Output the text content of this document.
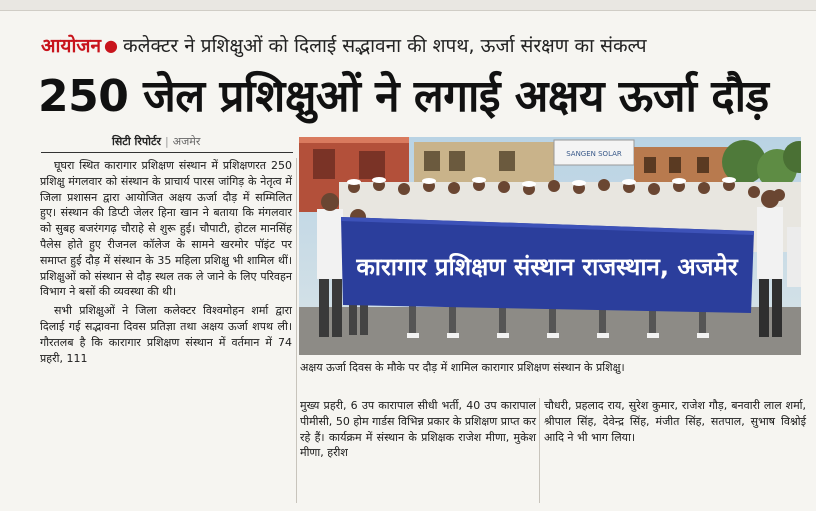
आयोजन ● कलेक्टर ने प्रशिक्षुओं को दिलाई सद्भावना की शपथ, ऊर्जा संरक्षण का संकल्प
250 जेल प्रशिक्षुओं ने लगाई अक्षय ऊर्जा दौड़
सिटी रिपोर्टर | अजमेर

घूघरा स्थित कारागार प्रशिक्षण संस्थान में प्रशिक्षणरत 250 प्रशिक्षु मंगलवार को संस्थान के प्राचार्य पारस जांगिड़ के नेतृत्व में जिला प्रशासन द्वारा आयोजित अक्षय ऊर्जा दौड़ में सम्मिलित हुए। संस्थान की डिप्टी जेलर हिना खान ने बताया कि मंगलवार को सुबह बजरंगगढ़ चौराहे से शुरू हुई। चौपाटी, होटल मानसिंह पैलेस होते हुए रीजनल कॉलेज के सामने खरमोर पॉइंट पर समाप्त हुई दौड़ में संस्थान के 35 महिला प्रशिक्षु भी शामिल थीं। प्रशिक्षुओं को संस्थान से दौड़ स्थल तक ले जाने के लिए परिवहन विभाग ने बसों की व्यवस्था की थी।

सभी प्रशिक्षुओं ने जिला कलेक्टर विश्वमोहन शर्मा द्वारा दिलाई गई सद्भावना दिवस प्रतिज्ञा तथा अक्षय ऊर्जा शपथ ली। गौरतलब है कि कारागार प्रशिक्षण संस्थान में वर्तमान में 74 प्रहरी, 111

SANGEN SOLAR
कारागार प्रशिक्षण संस्थान राजस्थान, अजमेर
अक्षय ऊर्जा दिवस के मौके पर दौड़ में शामिल कारागार प्रशिक्षण संस्थान के प्रशिक्षु।

मुख्य प्रहरी, 6 उप कारापाल सीधी भर्ती, 40 उप कारापाल पीमीसी, 50 होम गार्डस विभिन्न प्रकार के प्रशिक्षण प्राप्त कर रहे हैं। कार्यक्रम में संस्थान के प्रशिक्षक राजेश मीणा, मुकेश मीणा, हरीश

चौधरी, प्रहलाद राय, सुरेश कुमार, राजेश गौड़, बनवारी लाल शर्मा, श्रीपाल सिंह, देवेन्द्र सिंह, मंजीत सिंह, सतपाल, सुभाष विश्नोई आदि ने भी भाग लिया।
